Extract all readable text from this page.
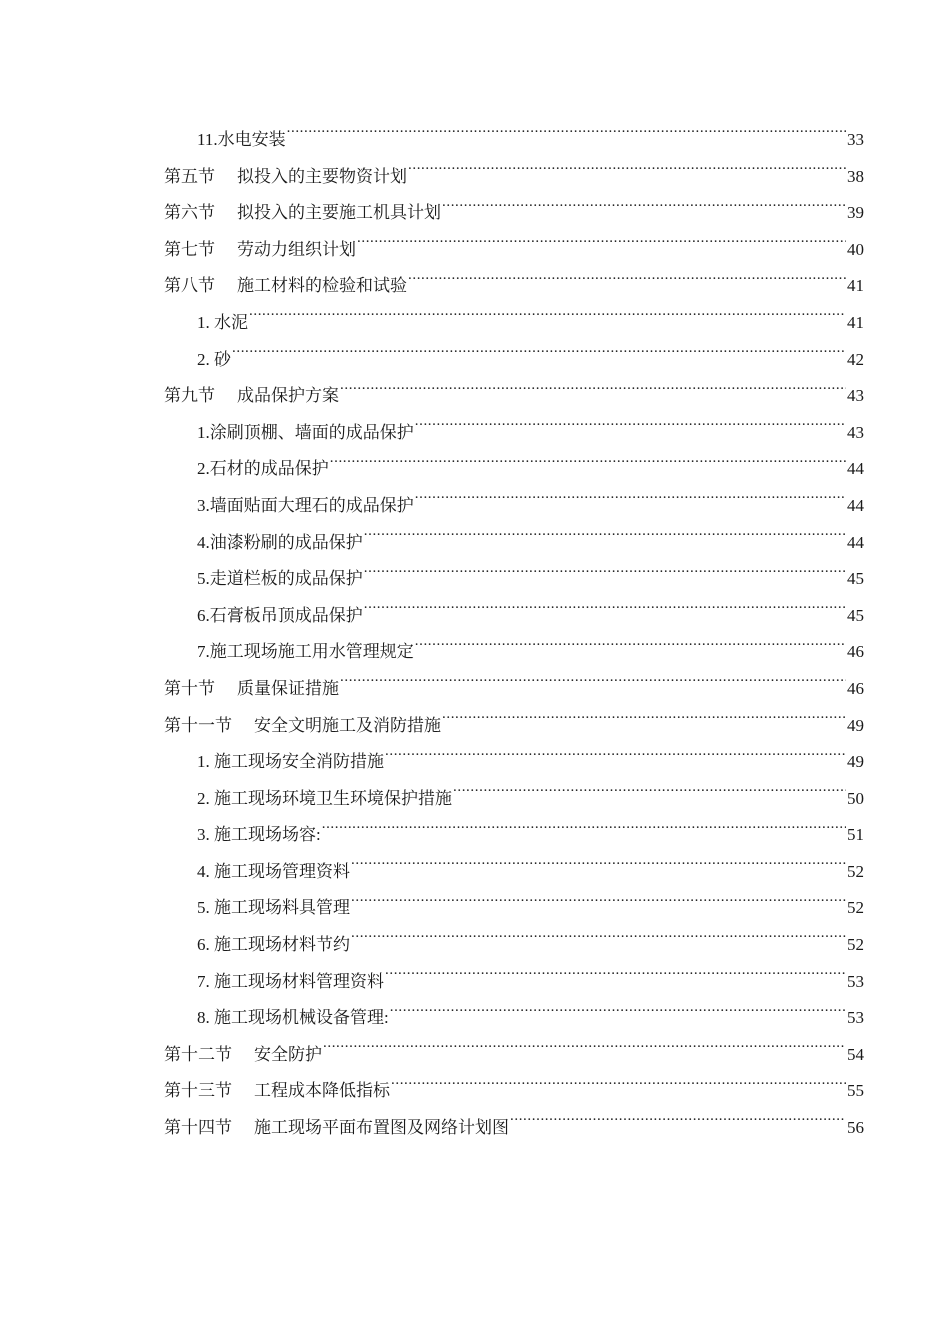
11.水电安装 .....	33
第五节 拟投入的主要物资计划 .....	38
第六节 拟投入的主要施工机具计划 .....	39
第七节 劳动力组织计划 .....	40
第八节 施工材料的检验和试验 .....	41
1. 水泥 .....	41
2. 砂 .....	42
第九节 成品保护方案 .....	43
1.涂刷顶棚、墙面的成品保护 .....	43
2.石材的成品保护 .....	44
3.墙面贴面大理石的成品保护 .....	44
4.油漆粉刷的成品保护 .....	44
5.走道栏板的成品保护 .....	45
6.石膏板吊顶成品保护 .....	45
7.施工现场施工用水管理规定 .....	46
第十节 质量保证措施 .....	46
第十一节 安全文明施工及消防措施 .....	49
1. 施工现场安全消防措施 .....	49
2. 施工现场环境卫生环境保护措施 .....	50
3. 施工现场场容: .....	51
4. 施工现场管理资料 .....	52
5. 施工现场料具管理 .....	52
6. 施工现场材料节约 .....	52
7. 施工现场材料管理资料 .....	53
8. 施工现场机械设备管理: .....	53
第十二节 安全防护 .....	54
第十三节 工程成本降低指标 .....	55
第十四节 施工现场平面布置图及网络计划图 .....	56
